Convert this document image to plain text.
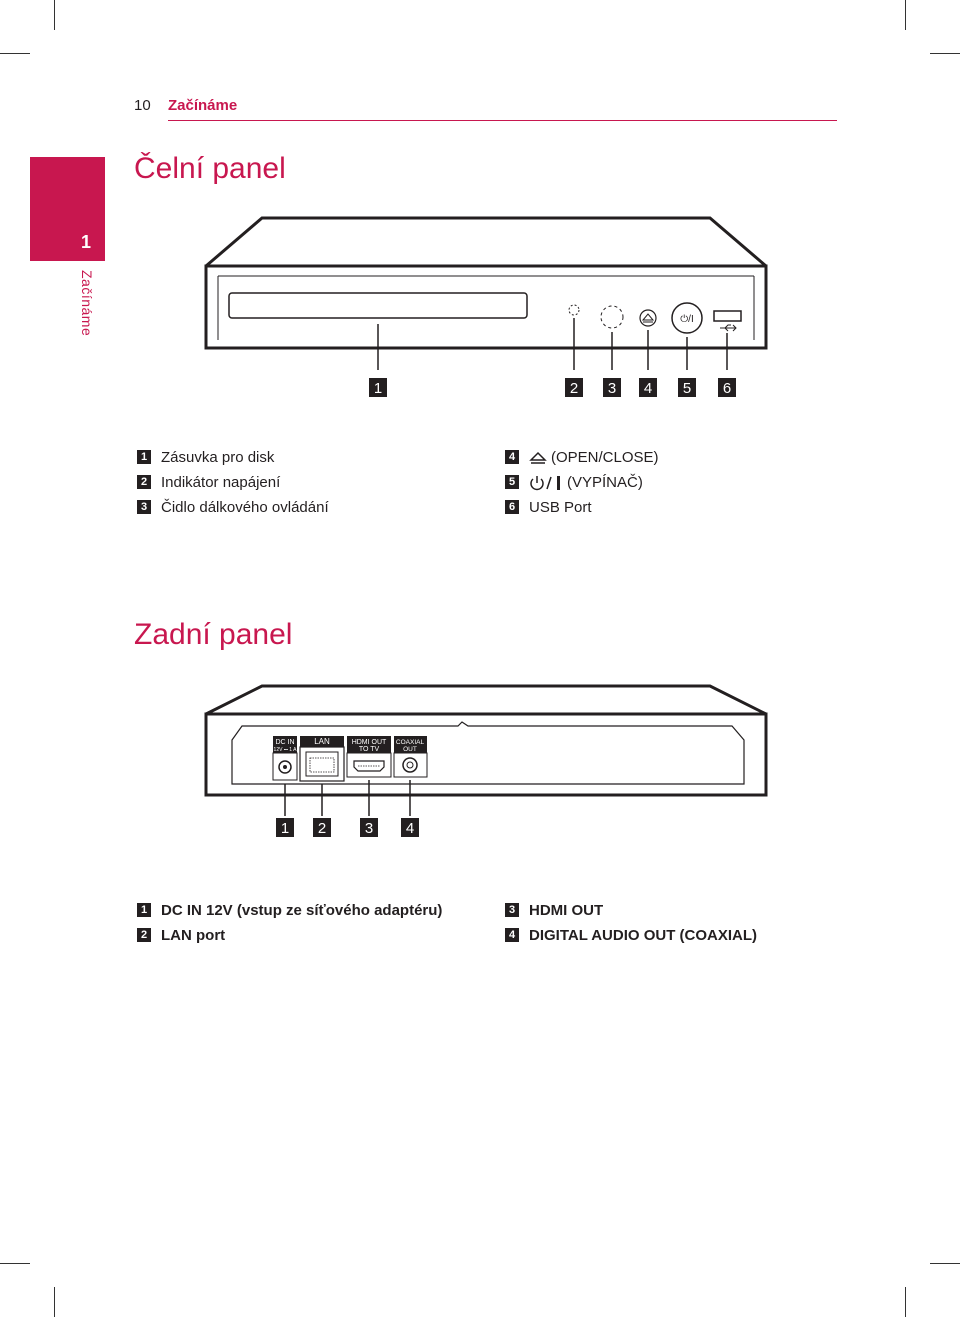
10 Začínáme
1
Začínáme
Čelní panel
⏻/I
1	2 3 4 5 6
1 Zásuvka pro disk
2 Indikátor napájení
3 Čidlo dálkového ovládání
4 (OPEN/CLOSE)
5	(VYPÍNAČ)
6 USB Port
Zadní panel
DC IN
12V ⎓ 1 A
LAN	HDMI OUT
TO TV
COAXIAL
OUT
1 2	3 4
1 DC IN 12V (vstup ze síťového adaptéru)
2 LAN port
3 HDMI OUT
4 DIGITAL AUDIO OUT (COAXIAL)
